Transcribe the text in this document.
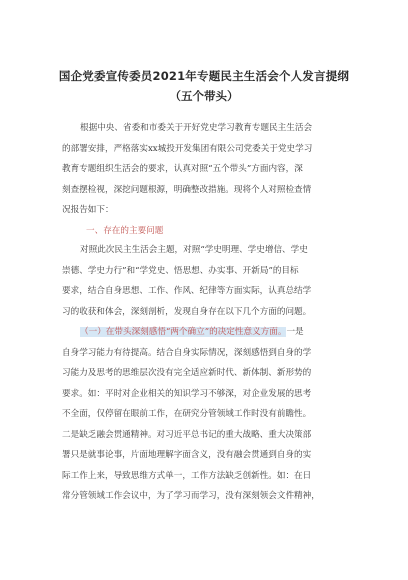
国企党委宣传委员2021年专题民主生活会个人发言提纲
（五个带头）
根据中央、省委和市委关于开好党史学习教育专题民主生活会
的部署安排，严格落实xx城投开发集团有限公司党委关于党史学习
教育专题组织生活会的要求，认真对照“五个带头”方面内容，深
刻查摆检视，深挖问题根源，明确整改措施。现将个人对照检查情
况报告如下：
一、存在的主要问题
对照此次民主生活会主题，对照“学史明理、学史增信、学史
崇德、学史力行”和“学党史、悟思想、办实事、开新局”的目标
要求，结合自身思想、工作、作风、纪律等方面实际，认真总结学
习的收获和体会，深刻剖析，发现自身存在以下几个方面的问题。
（一）在带头深刻感悟“两个确立”的决定性意义方面。一是
自身学习能力有待提高。结合自身实际情况，深刻感悟到自身的学
习能力及思考的思维层次没有完全适应新时代、新体制、新形势的
要求。如：平时对企业相关的知识学习不够深，对企业发展的思考
不全面，仅停留在眼前工作，在研究分管领域工作时没有前瞻性。
二是缺乏融会贯通精神。对习近平总书记的重大战略、重大决策部
署只是就事论事，片面地理解字面含义，没有融会贯通到自身的实
际工作上来，导致思维方式单一，工作方法缺乏创新性。如：在日
常分管领域工作会议中，为了学习而学习，没有深刻领会文件精神，
